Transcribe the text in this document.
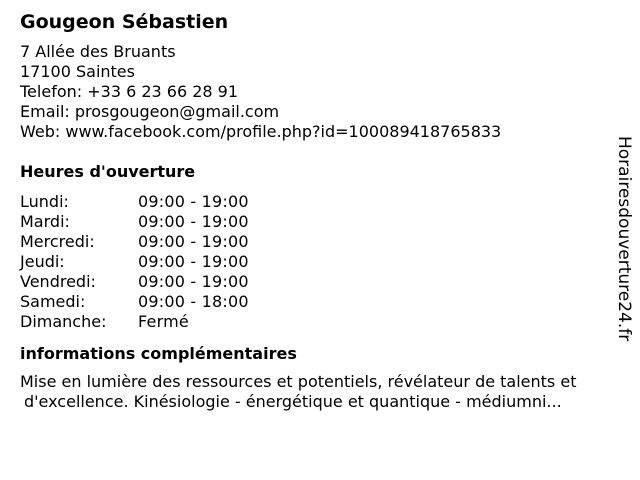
Gougeon Sébastien
7 Allée des Bruants
17100 Saintes
Telefon: +33 6 23 66 28 91
Email: prosgougeon@gmail.com
Web: www.facebook.com/profile.php?id=100089418765833
Heures d'ouverture
Lundi:	09:00 - 19:00
Mardi:	09:00 - 19:00
Mercredi:	09:00 - 19:00
Jeudi:	09:00 - 19:00
Vendredi:	09:00 - 19:00
Samedi:	09:00 - 18:00
Dimanche:	Fermé
informations complémentaires
Mise en lumière des ressources et potentiels, révélateur de talents et
d'excellence. Kinésiologie - énergétique et quantique - médiumni...
Horairesdouverture24.fr
